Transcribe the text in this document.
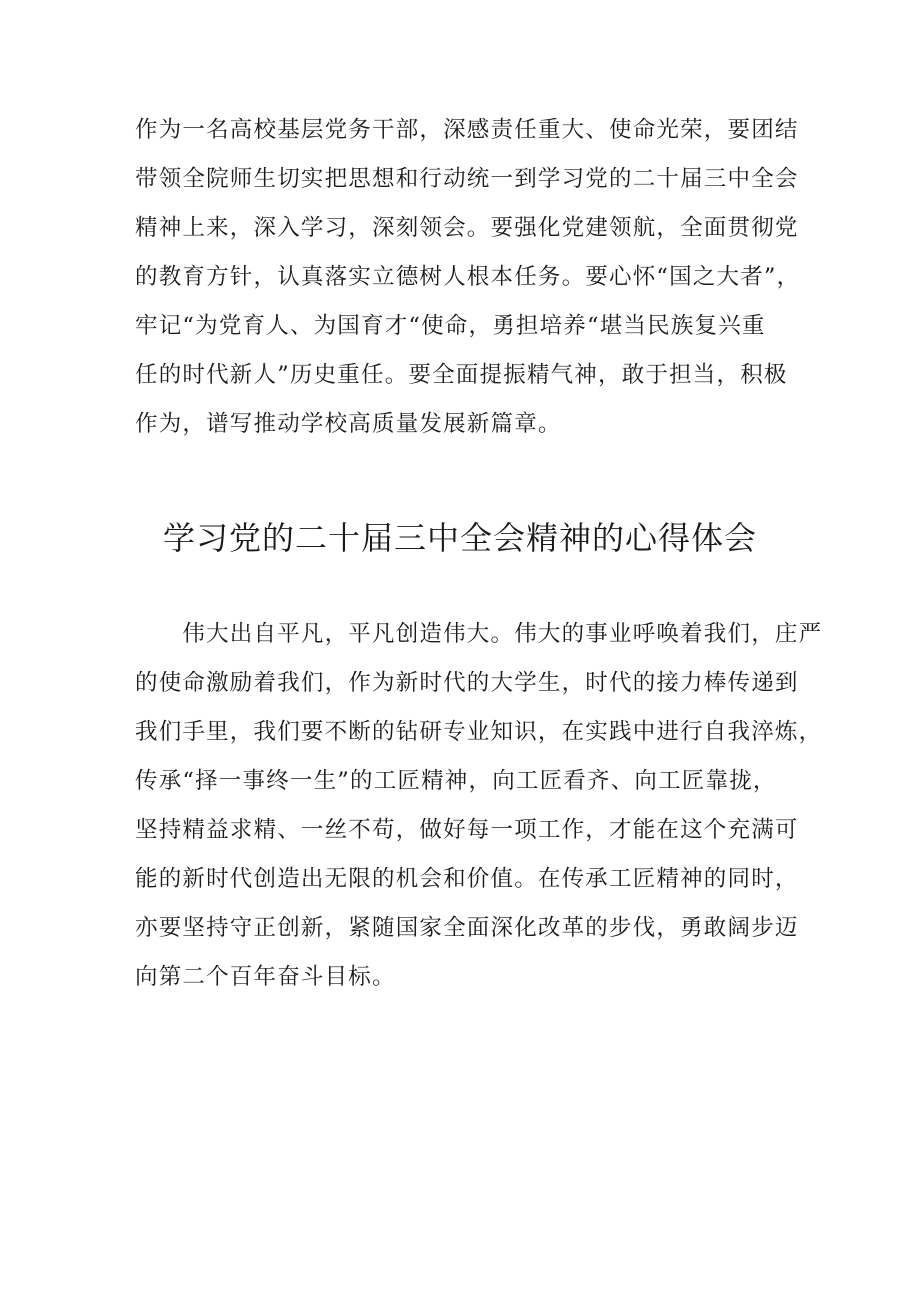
作为一名高校基层党务干部，深感责任重大、使命光荣，要团结
带领全院师生切实把思想和行动统一到学习党的二十届三中全会
精神上来，深入学习，深刻领会。要强化党建领航，全面贯彻党
的教育方针，认真落实立德树人根本任务。要心怀“国之大者”，
牢记“为党育人、为国育才“使命，勇担培养“堪当民族复兴重
任的时代新人”历史重任。要全面提振精气神，敢于担当，积极
作为，谱写推动学校高质量发展新篇章。
学习党的二十届三中全会精神的心得体会
　　伟大出自平凡，平凡创造伟大。伟大的事业呼唤着我们，庄严
的使命激励着我们，作为新时代的大学生，时代的接力棒传递到
我们手里，我们要不断的钻研专业知识，在实践中进行自我淬炼，
传承“择一事终一生”的工匠精神，向工匠看齐、向工匠靠拢，
坚持精益求精、一丝不苟，做好每一项工作，才能在这个充满可
能的新时代创造出无限的机会和价值。在传承工匠精神的同时，
亦要坚持守正创新，紧随国家全面深化改革的步伐，勇敢阔步迈
向第二个百年奋斗目标。
